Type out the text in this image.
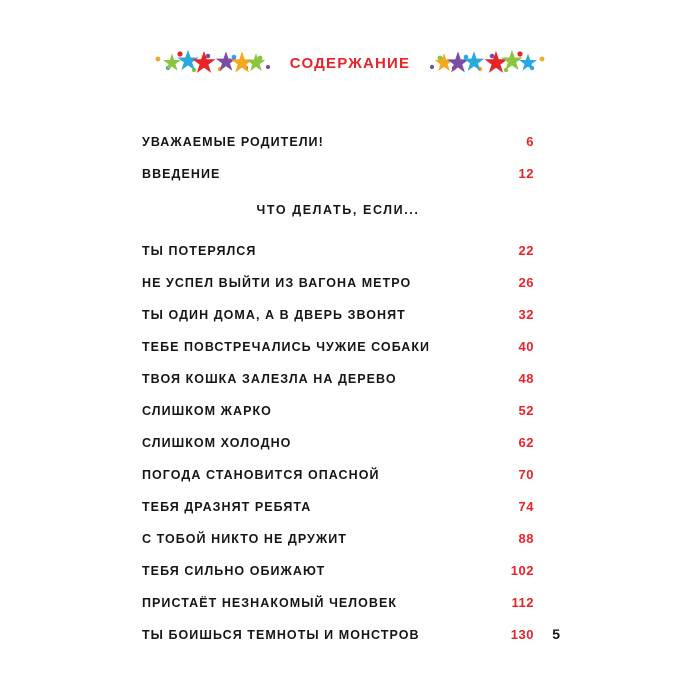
СОДЕРЖАНИЕ
УВАЖАЕМЫЕ РОДИТЕЛИ!	6
ВВЕДЕНИЕ	12
ЧТО ДЕЛАТЬ, ЕСЛИ...
ТЫ ПОТЕРЯЛСЯ	22
НЕ УСПЕЛ ВЫЙТИ ИЗ ВАГОНА МЕТРО	26
ТЫ ОДИН ДОМА, А В ДВЕРЬ ЗВОНЯТ	32
ТЕБЕ ПОВСТРЕЧАЛИСЬ ЧУЖИЕ СОБАКИ	40
ТВОЯ КОШКА ЗАЛЕЗЛА НА ДЕРЕВО	48
СЛИШКОМ ЖАРКО	52
СЛИШКОМ ХОЛОДНО	62
ПОГОДА СТАНОВИТСЯ ОПАСНОЙ	70
ТЕБЯ ДРАЗНЯТ РЕБЯТА	74
С ТОБОЙ НИКТО НЕ ДРУЖИТ	88
ТЕБЯ СИЛЬНО ОБИЖАЮТ	102
ПРИСТАЁТ НЕЗНАКОМЫЙ ЧЕЛОВЕК	112
ТЫ БОИШЬСЯ ТЕМНОТЫ И МОНСТРОВ	130 5
